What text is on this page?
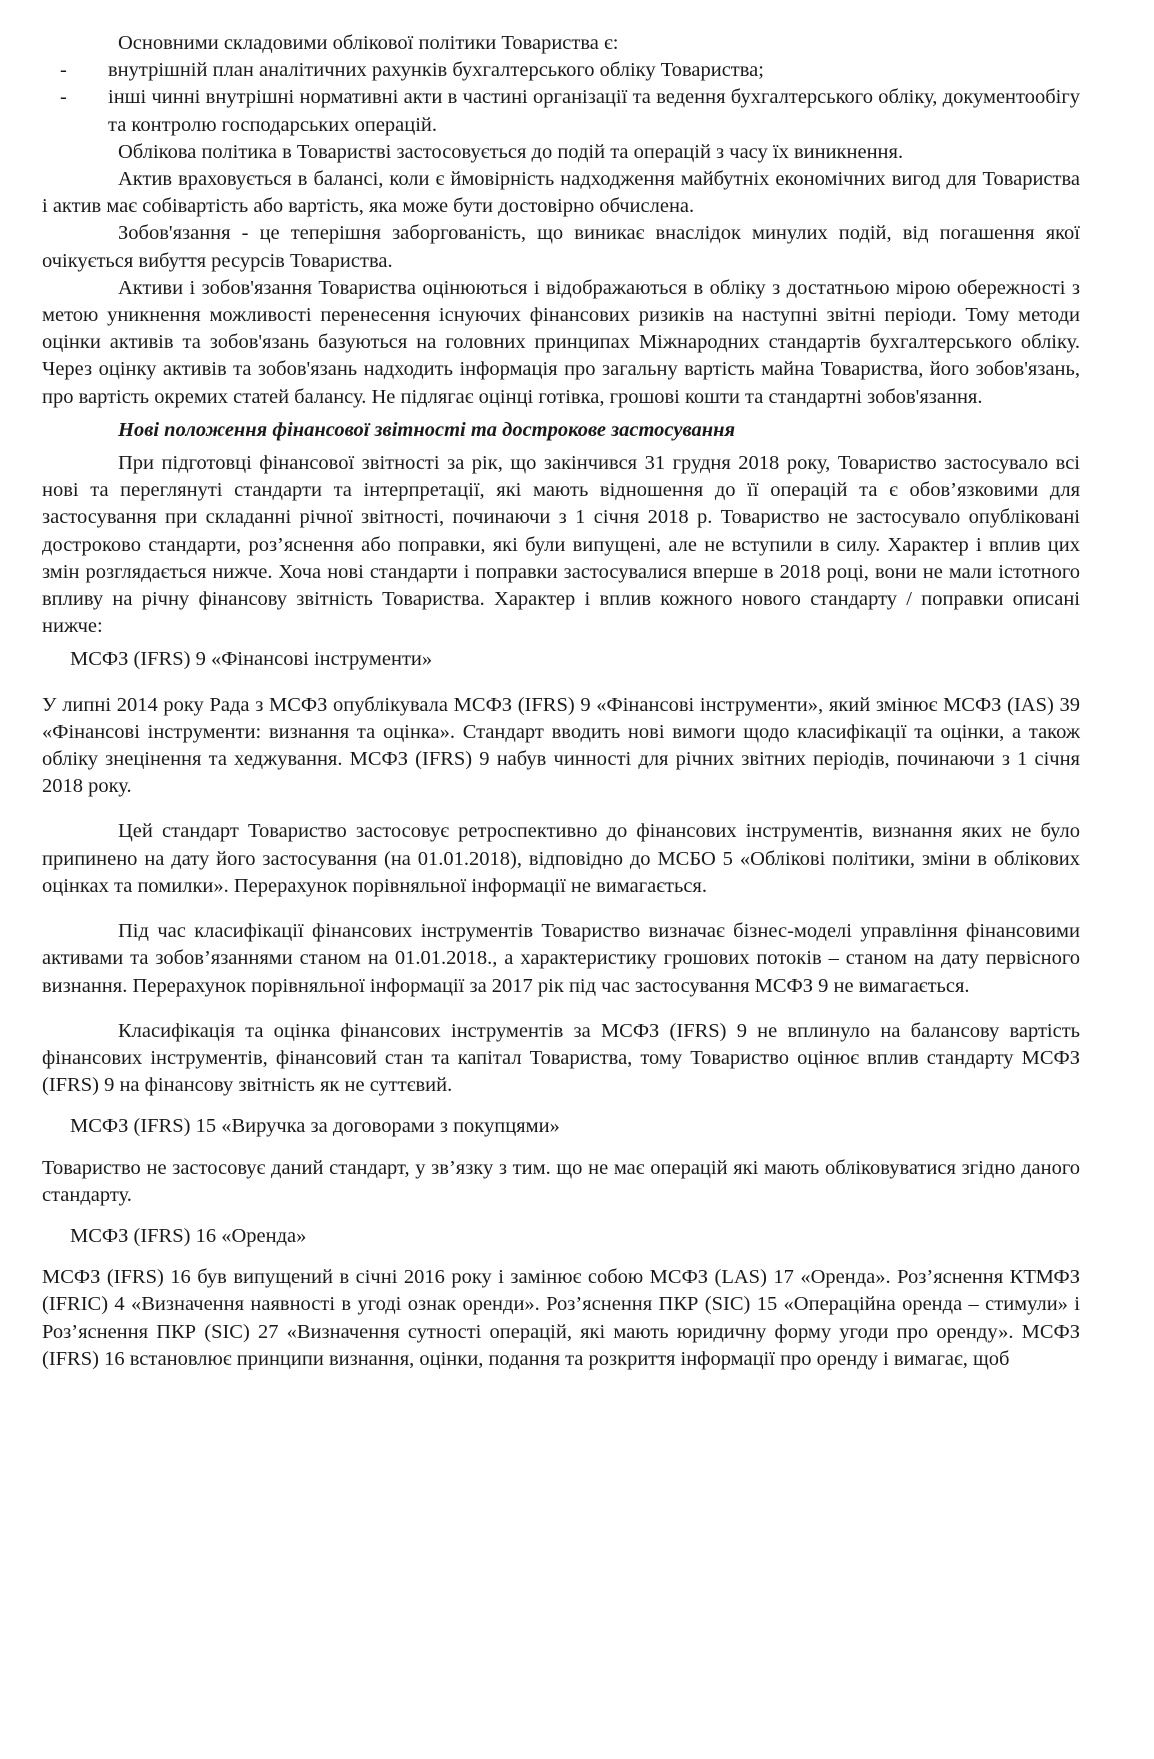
Основними складовими облікової політики Товариства є:

- внутрішній план аналітичних рахунків бухгалтерського обліку Товариства;

- інші чинні внутрішні нормативні акти в частині організації та ведення бухгалтерського обліку, документообігу та контролю господарських операцій.

Облікова політика в Товаристві застосовується до подій та операцій з часу їх виникнення.

Актив враховується в балансі, коли є ймовірність надходження майбутніх економічних вигод для Товариства і актив має собівартість або вартість, яка може бути достовірно обчислена.

Зобов'язання - це теперішня заборгованість, що виникає внаслідок минулих подій, від погашення якої очікується вибуття ресурсів Товариства.

Активи і зобов'язання Товариства оцінюються і відображаються в обліку з достатньою мірою обережності з метою уникнення можливості перенесення існуючих фінансових ризиків на наступні звітні періоди. Тому методи оцінки активів та зобов'язань базуються на головних принципах Міжнародних стандартів бухгалтерського обліку. Через оцінку активів та зобов'язань надходить інформація про загальну вартість майна Товариства, його зобов'язань, про вартість окремих статей балансу. Не підлягає оцінці готівка, грошові кошти та стандартні зобов'язання.

Нові положення фінансової звітності та дострокове застосування

При підготовці фінансової звітності за рік, що закінчився 31 грудня 2018 року, Товариство застосувало всі нові та переглянуті стандарти та інтерпретації, які мають відношення до її операцій та є обов’язковими для застосування при складанні річної звітності, починаючи з 1 січня 2018 р. Товариство не застосувало опубліковані достроково стандарти, роз’яснення або поправки, які були випущені, але не вступили в силу. Характер і вплив цих змін розглядається нижче. Хоча нові стандарти і поправки застосувалися вперше в 2018 році, вони не мали істотного впливу на річну фінансову звітність Товариства. Характер і вплив кожного нового стандарту / поправки описані нижче:

МСФЗ (IFRS) 9 «Фінансові інструменти»

У липні 2014 року Рада з МСФЗ опублікувала МСФЗ (IFRS) 9 «Фінансові інструменти», який змінює МСФЗ (IAS) 39 «Фінансові інструменти: визнання та оцінка». Стандарт вводить нові вимоги щодо класифікації та оцінки, а також обліку знецінення та хеджування. МСФЗ (IFRS) 9 набув чинності для річних звітних періодів, починаючи з 1 січня 2018 року.

Цей стандарт Товариство застосовує ретроспективно до фінансових інструментів, визнання яких не було припинено на дату його застосування (на 01.01.2018), відповідно до МСБО 5 «Облікові політики, зміни в облікових оцінках та помилки». Перерахунок порівняльної інформації не вимагається.

Під час класифікації фінансових інструментів Товариство визначає бізнес-моделі управління фінансовими активами та зобов’язаннями станом на 01.01.2018., а характеристику грошових потоків – станом на дату первісного визнання. Перерахунок порівняльної інформації за 2017 рік під час застосування МСФЗ 9 не вимагається.

Класифікація та оцінка фінансових інструментів за МСФЗ (IFRS) 9 не вплинуло на балансову вартість фінансових інструментів, фінансовий стан та капітал Товариства, тому Товариство оцінює вплив стандарту МСФЗ (IFRS) 9 на фінансову звітність як не суттєвий.

МСФЗ (IFRS) 15 «Виручка за договорами з покупцями»

Товариство не застосовує даний стандарт, у зв’язку з тим. що не має операцій які мають обліковуватися згідно даного стандарту.

МСФЗ (IFRS) 16 «Оренда»

МСФЗ (IFRS) 16 був випущений в січні 2016 року і замінює собою МСФЗ (LAS) 17 «Оренда». Роз’яснення КТМФЗ (IFRIC) 4 «Визначення наявності в угоді ознак оренди». Роз’яснення ПКР (SIC) 15 «Операційна оренда – стимули» і Роз’яснення ПКР (SIC) 27 «Визначення сутності операцій, які мають юридичну форму угоди про оренду». МСФЗ (IFRS) 16 встановлює принципи визнання, оцінки, подання та розкриття інформації про оренду і вимагає, щоб
